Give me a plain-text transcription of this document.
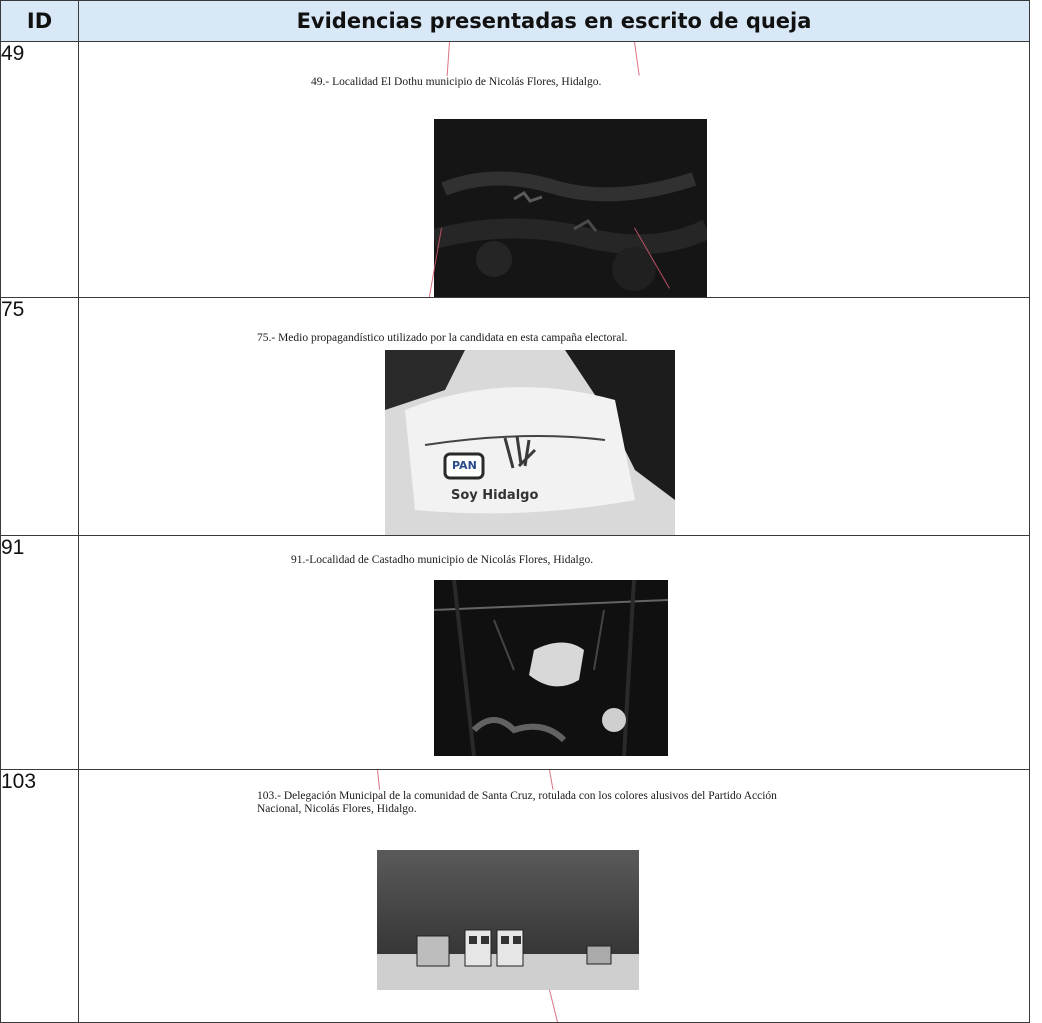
ID	Evidencias presentadas en escrito de queja
49	49.- Localidad El Dothu municipio de Nicolás Flores, Hidalgo.

75	75.- Medio propagandístico utilizado por la candidata en esta campaña electoral.
PAN
Soy Hidalgo

91	91.-Localidad de Castadho municipio de Nicolás Flores, Hidalgo.

103	103.- Delegación Municipal de la comunidad de Santa Cruz, rotulada con los colores alusivos del Partido Acción Nacional, Nicolás Flores, Hidalgo.
